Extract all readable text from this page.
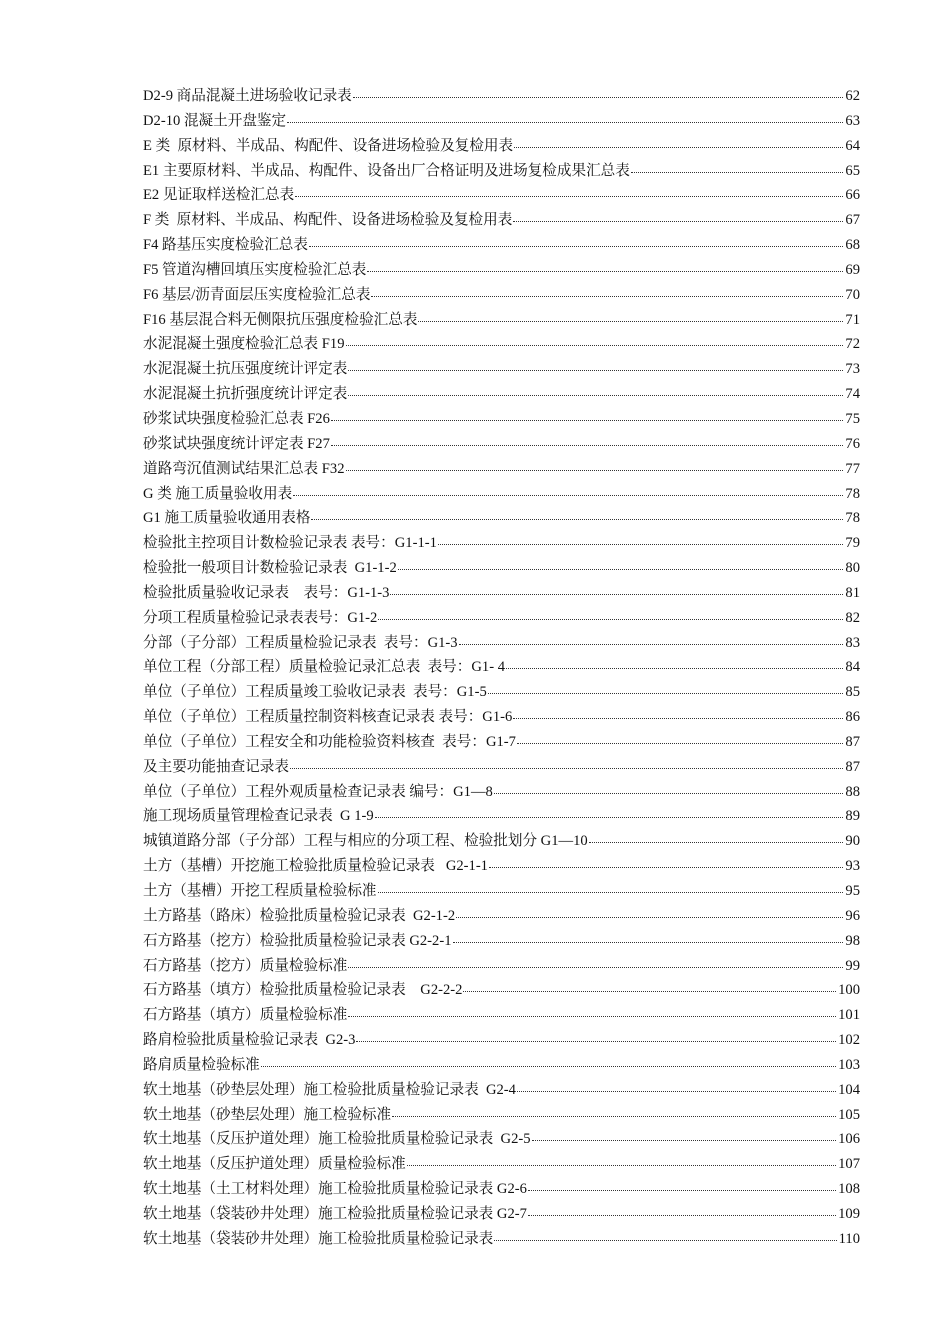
D2-9 商品混凝土进场验收记录表	62
D2-10 混凝土开盘鉴定	63
E 类  原材料、半成品、构配件、设备进场检验及复检用表	64
E1 主要原材料、半成品、构配件、设备出厂合格证明及进场复检成果汇总表	65
E2 见证取样送检汇总表	66
F 类  原材料、半成品、构配件、设备进场检验及复检用表	67
F4 路基压实度检验汇总表	68
F5 管道沟槽回填压实度检验汇总表	69
F6 基层/沥青面层压实度检验汇总表	70
F16 基层混合料无侧限抗压强度检验汇总表	71
水泥混凝土强度检验汇总表 F19	72
水泥混凝土抗压强度统计评定表	73
水泥混凝土抗折强度统计评定表	74
砂浆试块强度检验汇总表 F26	75
砂浆试块强度统计评定表 F27	76
道路弯沉值测试结果汇总表 F32	77
G 类 施工质量验收用表	78
G1 施工质量验收通用表格	78
检验批主控项目计数检验记录表 表号：G1-1-1	79
检验批一般项目计数检验记录表  G1-1-2	80
检验批质量验收记录表    表号：G1-1-3	81
分项工程质量检验记录表表号：G1-2	82
分部（子分部）工程质量检验记录表  表号：G1-3	83
单位工程（分部工程）质量检验记录汇总表  表号：G1- 4	84
单位（子单位）工程质量竣工验收记录表  表号：G1-5	85
单位（子单位）工程质量控制资料核查记录表 表号：G1-6	86
单位（子单位）工程安全和功能检验资料核查  表号：G1-7	87
及主要功能抽查记录表	87
单位（子单位）工程外观质量检查记录表 编号：G1—8	88
施工现场质量管理检查记录表  G 1-9	89
城镇道路分部（子分部）工程与相应的分项工程、检验批划分 G1—10	90
土方（基槽）开挖施工检验批质量检验记录表   G2-1-1	93
土方（基槽）开挖工程质量检验标准	95
土方路基（路床）检验批质量检验记录表  G2-1-2	96
石方路基（挖方）检验批质量检验记录表 G2-2-1	98
石方路基（挖方）质量检验标准	99
石方路基（填方）检验批质量检验记录表    G2-2-2	100
石方路基（填方）质量检验标准	101
路肩检验批质量检验记录表  G2-3	102
路肩质量检验标准	103
软土地基（砂垫层处理）施工检验批质量检验记录表  G2-4	104
软土地基（砂垫层处理）施工检验标准	105
软土地基（反压护道处理）施工检验批质量检验记录表  G2-5	106
软土地基（反压护道处理）质量检验标准	107
软土地基（土工材料处理）施工检验批质量检验记录表 G2-6	108
软土地基（袋装砂井处理）施工检验批质量检验记录表 G2-7	109
软土地基（袋装砂井处理）施工检验批质量检验记录表	110
